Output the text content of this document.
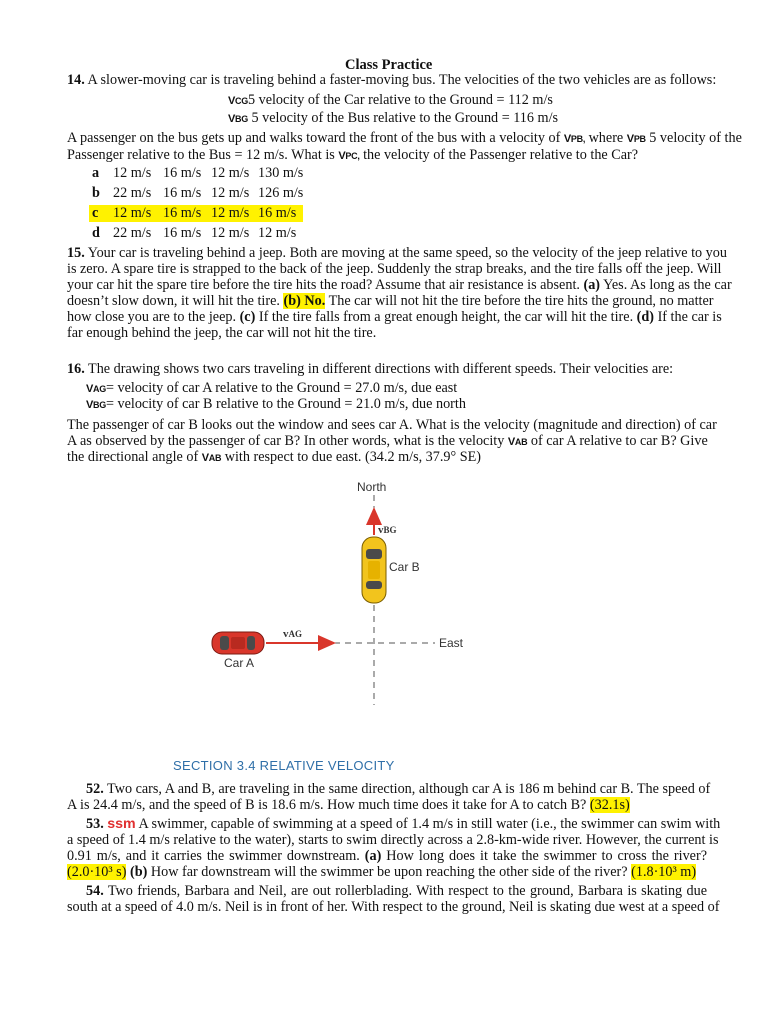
Class Practice
14. A slower-moving car is traveling behind a faster-moving bus. The velocities of the two vehicles are as follows:
VCG5 velocity of the Car relative to the Ground = 112 m/s
VBG 5 velocity of the Bus relative to the Ground = 116 m/s
A passenger on the bus gets up and walks toward the front of the bus with a velocity of VPB, where VPB 5 velocity of the
Passenger relative to the Bus = 12 m/s. What is VPC, the velocity of the Passenger relative to the Car?
a 12 m/s 16 m/s 12 m/s 130 m/s
b 22 m/s 16 m/s 12 m/s 126 m/s
c 12 m/s 16 m/s 12 m/s 16 m/s
d 22 m/s 16 m/s 12 m/s 12 m/s
15. Your car is traveling behind a jeep. Both are moving at the same speed, so the velocity of the jeep relative to you
is zero. A spare tire is strapped to the back of the jeep. Suddenly the strap breaks, and the tire falls off the jeep. Will
your car hit the spare tire before the tire hits the road? Assume that air resistance is absent. (a) Yes. As long as the car
doesn’t slow down, it will hit the tire. (b) No. The car will not hit the tire before the tire hits the ground, no matter
how close you are to the jeep. (c) If the tire falls from a great enough height, the car will hit the tire. (d) If the car is
far enough behind the jeep, the car will not hit the tire.
16. The drawing shows two cars traveling in different directions with different speeds. Their velocities are:
VAG= velocity of car A relative to the Ground = 27.0 m/s, due east
VBG= velocity of car B relative to the Ground = 21.0 m/s, due north
The passenger of car B looks out the window and sees car A. What is the velocity (magnitude and direction) of car
A as observed by the passenger of car B? In other words, what is the velocity VAB of car A relative to car B? Give
the directional angle of VAB with respect to due east. (34.2 m/s, 37.9° SE)
North
East
vBG
Car B
vAG
Car A
SECTION 3.4 RELATIVE VELOCITY
52. Two cars, A and B, are traveling in the same direction, although car A is 186 m behind car B. The speed of
A is 24.4 m/s, and the speed of B is 18.6 m/s. How much time does it take for A to catch B? (32.1s)
53. ssm A swimmer, capable of swimming at a speed of 1.4 m/s in still water (i.e., the swimmer can swim with
a speed of 1.4 m/s relative to the water), starts to swim directly across a 2.8-km-wide river. However, the current is
0.91 m/s, and it carries the swimmer downstream. (a) How long does it take the swimmer to cross the river?
(2.0·10³ s) (b) How far downstream will the swimmer be upon reaching the other side of the river? (1.8·10³ m)
54. Two friends, Barbara and Neil, are out rollerblading. With respect to the ground, Barbara is skating due
south at a speed of 4.0 m/s. Neil is in front of her. With respect to the ground, Neil is skating due west at a speed of
